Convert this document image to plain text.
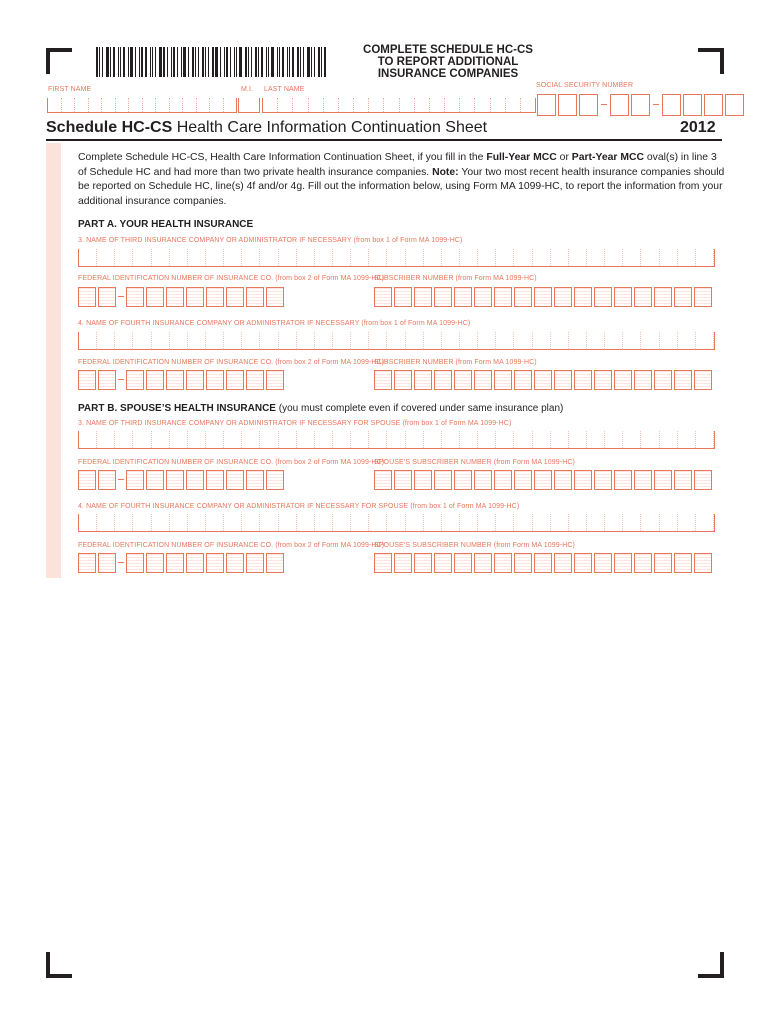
COMPLETE SCHEDULE HC-CS
TO REPORT ADDITIONAL
INSURANCE COMPANIES
FIRST NAME	M.I. LAST NAME
SOCIAL SECURITY NUMBER
Schedule HC-CS Health Care Information Continuation Sheet	2012
Complete Schedule HC-CS, Health Care Information Continuation Sheet, if you fill in the Full-Year MCC or Part-Year MCC oval(s) in line 3 of Schedule HC and had more than two private health insurance companies. Note: Your two most recent health insurance companies should be reported on Schedule HC, line(s) 4f and/or 4g. Fill out the information below, using Form MA 1099-HC, to report the information from your additional insurance companies.
PART A. YOUR HEALTH INSURANCE
3. NAME OF THIRD INSURANCE COMPANY OR ADMINISTRATOR IF NECESSARY (from box 1 of Form MA 1099-HC)
FEDERAL IDENTIFICATION NUMBER OF INSURANCE CO. (from box 2 of Form MA 1099-HC)
SUBSCRIBER NUMBER (from Form MA 1099-HC)
4. NAME OF FOURTH INSURANCE COMPANY OR ADMINISTRATOR IF NECESSARY (from box 1 of Form MA 1099-HC)
FEDERAL IDENTIFICATION NUMBER OF INSURANCE CO. (from box 2 of Form MA 1099-HC)
SUBSCRIBER NUMBER (from Form MA 1099-HC)
PART B. SPOUSE’S HEALTH INSURANCE (you must complete even if covered under same insurance plan)
3. NAME OF THIRD INSURANCE COMPANY OR ADMINISTRATOR IF NECESSARY FOR SPOUSE (from box 1 of Form MA 1099-HC)
FEDERAL IDENTIFICATION NUMBER OF INSURANCE CO. (from box 2 of Form MA 1099-HC)
SPOUSE’S SUBSCRIBER NUMBER (from Form MA 1099-HC)
4. NAME OF FOURTH INSURANCE COMPANY OR ADMINISTRATOR IF NECESSARY FOR SPOUSE (from box 1 of Form MA 1099-HC)
FEDERAL IDENTIFICATION NUMBER OF INSURANCE CO. (from box 2 of Form MA 1099-HC)
SPOUSE’S SUBSCRIBER NUMBER (from Form MA 1099-HC)
